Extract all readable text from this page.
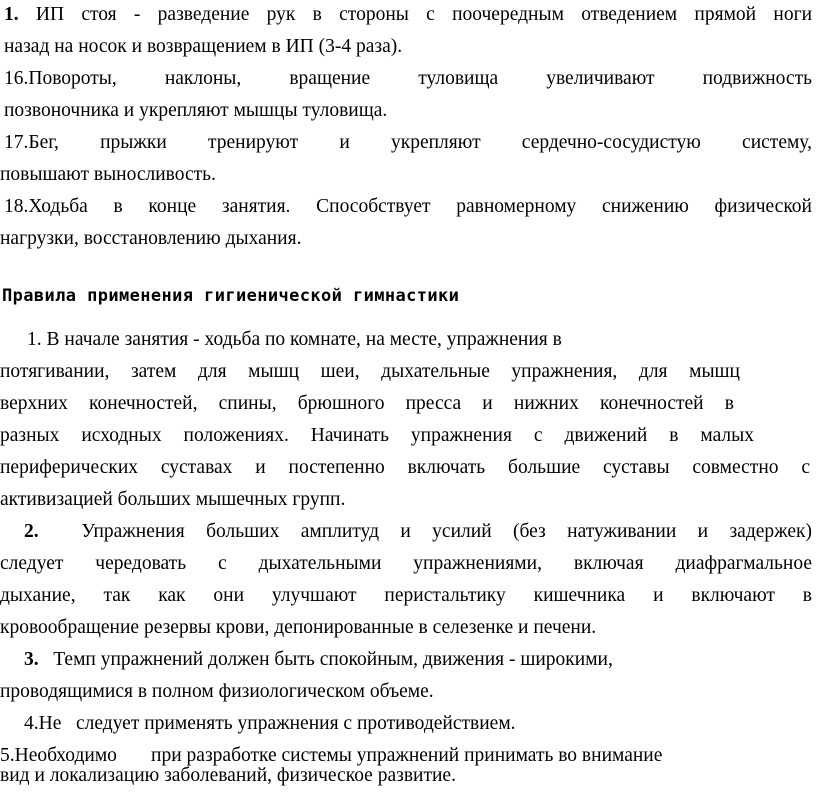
1. ИП стоя - разведение рук в стороны с поочередным отведением прямой ноги
назад на носок и возвращением в ИП (3-4 раза).
16.Повороты, наклоны, вращение туловища увеличивают подвижность
позвоночника и укрепляют мышцы туловища.
17.Бег, прыжки тренируют и укрепляют сердечно-сосудистую систему,
повышают выносливость.
18.Ходьба в конце занятия. Способствует равномерному снижению физической
нагрузки, восстановлению дыхания.
Правила применения гигиенической гимнастики
1. В начале занятия - ходьба по комнате, на месте, упражнения в
потягивании, затем для мышц шеи, дыхательные упражнения, для мышц
верхних конечностей, спины, брюшного пресса и нижних конечностей в
разных исходных положениях. Начинать упражнения с движений в малых
периферических суставах и постепенно включать большие суставы совместно с
активизацией больших мышечных групп.
2. Упражнения больших амплитуд и усилий (без натуживании и задержек)
следует чередовать с дыхательными упражнениями, включая диафрагмальное
дыхание, так как они улучшают перистальтику кишечника и включают в
кровообращение резервы крови, депонированные в селезенке и печени.
3. Темп упражнений должен быть спокойным, движения - широкими,
проводящимися в полном физиологическом объеме.
4.Не   следует применять упражнения с противодействием.
5.Необходимо       при разработке системы упражнений принимать во внимание
вид и локализацию заболеваний, физическое развитие.
